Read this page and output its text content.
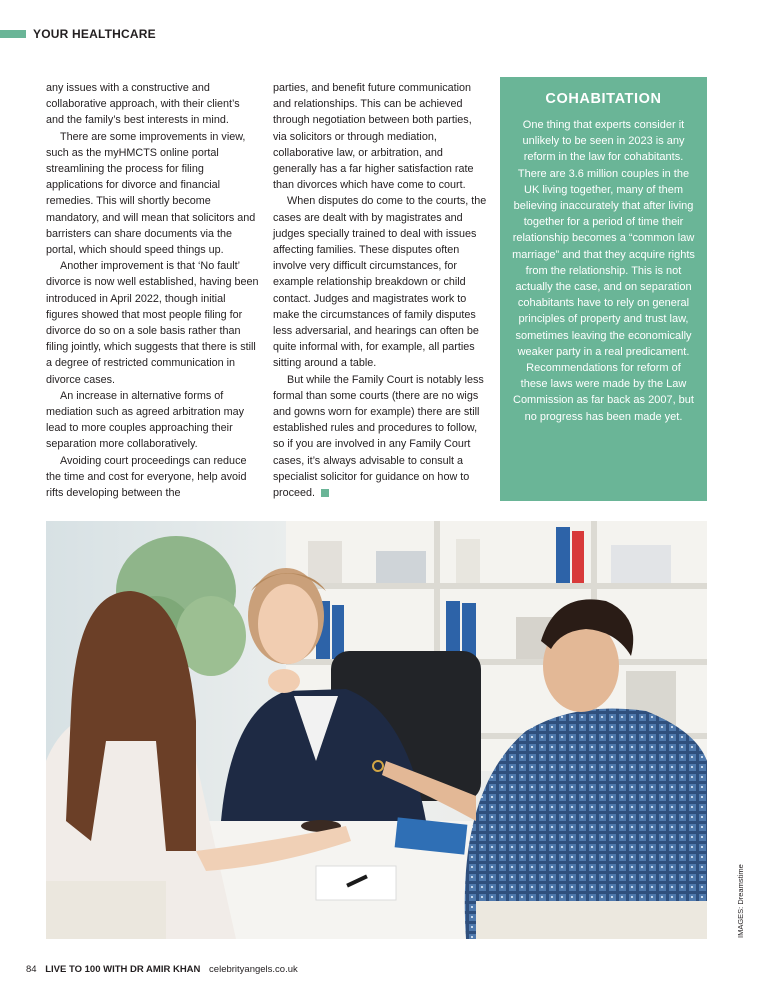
YOUR HEALTHCARE

any issues with a constructive and collaborative approach, with their client’s and the family’s best interests in mind.

There are some improvements in view, such as the myHMCTS online portal streamlining the process for filing applications for divorce and financial remedies. This will shortly become mandatory, and will mean that solicitors and barristers can share documents via the portal, which should speed things up.

Another improvement is that ‘No fault’ divorce is now well established, having been introduced in April 2022, though initial figures showed that most people filing for divorce do so on a sole basis rather than filing jointly, which suggests that there is still a degree of restricted communication in divorce cases.

An increase in alternative forms of mediation such as agreed arbitration may lead to more couples approaching their separation more collaboratively.

Avoiding court proceedings can reduce the time and cost for everyone, help avoid rifts developing between the

parties, and benefit future communication and relationships. This can be achieved through negotiation between both parties, via solicitors or through mediation, collaborative law, or arbitration, and generally has a far higher satisfaction rate than divorces which have come to court.

When disputes do come to the courts, the cases are dealt with by magistrates and judges specially trained to deal with issues affecting families. These disputes often involve very difficult circumstances, for example relationship breakdown or child contact. Judges and magistrates work to make the circumstances of family disputes less adversarial, and hearings can often be quite informal with, for example, all parties sitting around a table.

But while the Family Court is notably less formal than some courts (there are no wigs and gowns worn for example) there are still established rules and procedures to follow, so if you are involved in any Family Court cases, it’s always advisable to consult a specialist solicitor for guidance on how to proceed.

COHABITATION

One thing that experts consider it unlikely to be seen in 2023 is any reform in the law for cohabitants. There are 3.6 million couples in the UK living together, many of them believing inaccurately that after living together for a period of time their relationship becomes a “common law marriage” and that they acquire rights from the relationship. This is not actually the case, and on separation cohabitants have to rely on general principles of property and trust law, sometimes leaving the economically weaker party in a real predicament. Recommendations for reform of these laws were made by the Law Commission as far back as 2007, but no progress has been made yet.

IMAGES: Dreamstime
84 LIVE TO 100 WITH DR AMIR KHAN celebrityangels.co.uk
